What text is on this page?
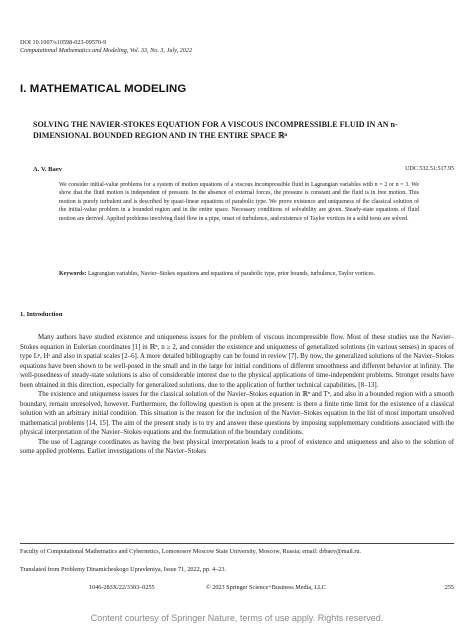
DOI 10.1007/s10598-023-09570-9
Computational Mathematics and Modeling, Vol. 33, No. 3, July, 2022
I. MATHEMATICAL MODELING
SOLVING THE NAVIER-STOKES EQUATION FOR A VISCOUS INCOMPRESSIBLE FLUID IN AN n-DIMENSIONAL BOUNDED REGION AND IN THE ENTIRE SPACE ℝⁿ
A. V. Baev	UDC 532.51:517.95
We consider initial-value problems for a system of motion equations of a viscous incompressible fluid in Lagrangian variables with n = 2 or n = 3. We show that the fluid motion is independent of pressure. In the absence of external forces, the pressure is constant and the fluid is in free motion. This motion is purely turbulent and is described by quasi-linear equations of parabolic type. We prove existence and uniqueness of the classical solution of the initial-value problem in a bounded region and in the entire space. Necessary conditions of solvability are given. Steady-state equations of fluid motion are derived. Applied problems involving fluid flow in a pipe, onset of turbulence, and existence of Taylor vortices in a solid torus are solved.
Keywords: Lagrangian variables, Navier–Stokes equations and equations of parabolic type, prior bounds, turbulence, Taylor vortices.
1. Introduction

Many authors have studied existence and uniqueness issues for the problem of viscous incompressible flow. Most of these studies use the Navier–Stokes equation in Eulerian coordinates [1] in ℝⁿ, n ≥ 2, and consider the existence and uniqueness of generalized solutions (in various senses) in spaces of type Lᵖ, Hˢ and also in spatial scales [2–6]. A more detailed bibliography can be found in review [7]. By now, the generalized solutions of the Navier–Stokes equations have been shown to be well-posed in the small and in the large for initial conditions of different smoothness and different behavior at infinity. The well-posedness of steady-state solutions is also of considerable interest due to the physical applications of time-independent problems. Stronger results have been obtained in this direction, especially for generalized solutions, due to the application of further technical capabilities, [8–13].

The existence and uniqueness issues for the classical solution of the Navier–Stokes equation in ℝⁿ and Tⁿ, and also in a bounded region with a smooth boundary, remain unresolved, however. Furthermore, the following question is open at the present: is there a finite time limit for the existence of a classical solution with an arbitrary initial condition. This situation is the reason for the inclusion of the Navier–Stokes equation in the list of most important unsolved mathematical problems [14, 15]. The aim of the present study is to try and answer these questions by imposing supplementary conditions associated with the physical interpretation of the Navier–Stokes equations and the formulation of the boundary conditions.

The use of Lagrange coordinates as having the best physical interpretation leads to a proof of existence and uniqueness and also to the solution of some applied problems. Earlier investigations of the Navier–Stokes

Faculty of Computational Mathematics and Cybernetics, Lomonosov Moscow State University, Moscow, Russia; email: drbaev@mail.ru.
Translated from Problemy Dinamicheskogo Upravleniya, Issue 71, 2022, pp. 4–23.
1046-283X/22/3303–0255	© 2023 Springer Science+Business Media, LLC	255
Content courtesy of Springer Nature, terms of use apply. Rights reserved.
